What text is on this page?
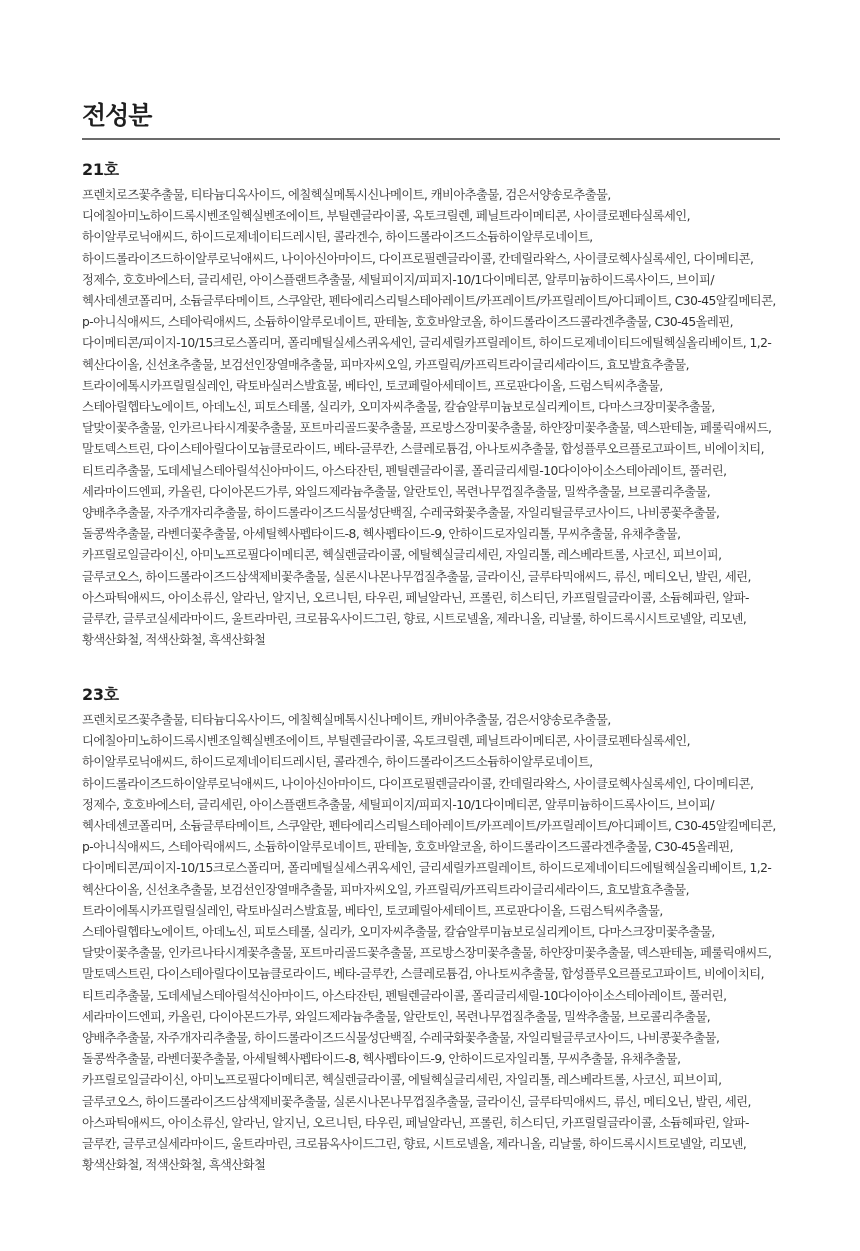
전성분
21호

프렌치로즈꽃추출물, 티타늄디옥사이드, 에칠헥실메톡시신나메이트, 캐비아추출물, 검은서양송로추출물, 디에칠아미노하이드록시벤조일헥실벤조에이트, 부틸렌글라이콜, 옥토크릴렌, 페닐트라이메티콘, 사이클로펜타실록세인, 하이알루로닉애씨드, 하이드로제네이티드레시틴, 콜라겐수, 하이드롤라이즈드소듐하이알루로네이트, 하이드롤라이즈드하이알루로닉애씨드, 나이아신아마이드, 다이프로필렌글라이콜, 칸데릴라왁스, 사이클로헥사실록세인, 다이메티콘, 정제수, 호호바에스터, 글리세린, 아이스플랜트추출물, 세틸피이지/피피지-10/1다이메티콘, 알루미늄하이드록사이드, 브이피/헥사데센코폴리머, 소듐글루타메이트, 스쿠알란, 펜타에리스리틸스테아레이트/카프레이트/카프릴레이트/아디페이트, C30-45알킬메티콘, p-아니식애씨드, 스테아릭애씨드, 소듐하이알루로네이트, 판테놀, 호호바알코올, 하이드롤라이즈드콜라겐추출물, C30-45올레핀, 다이메티콘/피이지-10/15크로스폴리머, 폴리메틸실세스퀴옥세인, 글리세릴카프릴레이트, 하이드로제네이티드에틸헥실올리베이트, 1,2-헥산다이올, 신선초추출물, 보검선인장열매추출물, 피마자씨오일, 카프릴릭/카프릭트라이글리세라이드, 효모발효추출물, 트라이에톡시카프릴릴실레인, 락토바실러스발효물, 베타인, 토코페릴아세테이트, 프로판다이올, 드럼스틱씨추출물, 스테아릴헵타노에이트, 아데노신, 피토스테롤, 실리카, 오미자씨추출물, 칼슘알루미늄보로실리케이트, 다마스크장미꽃추출물, 달맞이꽃추출물, 인카르나타시계꽃추출물, 포트마리골드꽃추출물, 프로방스장미꽃추출물, 하얀장미꽃추출물, 덱스판테놀, 페룰릭애씨드, 말토덱스트린, 다이스테아릴다이모늄클로라이드, 베타-글루칸, 스클레로튬검, 아나토씨추출물, 합성플루오르플로고파이트, 비에이치티, 티트리추출물, 도데세닐스테아릴석신아마이드, 아스타잔틴, 펜틸렌글라이콜, 폴리글리세릴-10다이아이소스테아레이트, 풀러린, 세라마이드엔피, 카올린, 다이아몬드가루, 와일드제라늄추출물, 알란토인, 목련나무껍질추출물, 밀싹추출물, 브로콜리추출물, 양배추추출물, 자주개자리추출물, 하이드롤라이즈드식물성단백질, 수레국화꽃추출물, 자일리틸글루코사이드, 나비콩꽃추출물, 돌콩싹추출물, 라벤더꽃추출물, 아세틸헥사펩타이드-8, 헥사펩타이드-9, 안하이드로자일리톨, 무씨추출물, 유채추출물, 카프릴로일글라이신, 아미노프로필다이메티콘, 헥실렌글라이콜, 에틸헥실글리세린, 자일리톨, 레스베라트롤, 사코신, 피브이피, 글루코오스, 하이드롤라이즈드삼색제비꽃추출물, 실론시나몬나무껍질추출물, 글라이신, 글루타믹애씨드, 류신, 메티오닌, 발린, 세린, 아스파틱애씨드, 아이소류신, 알라닌, 알지닌, 오르니틴, 타우린, 페닐알라닌, 프롤린, 히스티딘, 카프릴릴글라이콜, 소듐헤파린, 알파-글루칸, 글루코실세라마이드, 울트라마린, 크로뮴옥사이드그린, 향료, 시트로넬올, 제라니올, 리날룰, 하이드록시시트로넬알, 리모넨, 황색산화철, 적색산화철, 흑색산화철

23호

프렌치로즈꽃추출물, 티타늄디옥사이드, 에칠헥실메톡시신나메이트, 캐비아추출물, 검은서양송로추출물, 디에칠아미노하이드록시벤조일헥실벤조에이트, 부틸렌글라이콜, 옥토크릴렌, 페닐트라이메티콘, 사이클로펜타실록세인, 하이알루로닉애씨드, 하이드로제네이티드레시틴, 콜라겐수, 하이드롤라이즈드소듐하이알루로네이트, 하이드롤라이즈드하이알루로닉애씨드, 나이아신아마이드, 다이프로필렌글라이콜, 칸데릴라왁스, 사이클로헥사실록세인, 다이메티콘, 정제수, 호호바에스터, 글리세린, 아이스플랜트추출물, 세틸피이지/피피지-10/1다이메티콘, 알루미늄하이드록사이드, 브이피/헥사데센코폴리머, 소듐글루타메이트, 스쿠알란, 펜타에리스리틸스테아레이트/카프레이트/카프릴레이트/아디페이트, C30-45알킬메티콘, p-아니식애씨드, 스테아릭애씨드, 소듐하이알루로네이트, 판테놀, 호호바알코올, 하이드롤라이즈드콜라겐추출물, C30-45올레핀, 다이메티콘/피이지-10/15크로스폴리머, 폴리메틸실세스퀴옥세인, 글리세릴카프릴레이트, 하이드로제네이티드에틸헥실올리베이트, 1,2-헥산다이올, 신선초추출물, 보검선인장열매추출물, 피마자씨오일, 카프릴릭/카프릭트라이글리세라이드, 효모발효추출물, 트라이에톡시카프릴릴실레인, 락토바실러스발효물, 베타인, 토코페릴아세테이트, 프로판다이올, 드럼스틱씨추출물, 스테아릴헵타노에이트, 아데노신, 피토스테롤, 실리카, 오미자씨추출물, 칼슘알루미늄보로실리케이트, 다마스크장미꽃추출물, 달맞이꽃추출물, 인카르나타시계꽃추출물, 포트마리골드꽃추출물, 프로방스장미꽃추출물, 하얀장미꽃추출물, 덱스판테놀, 페룰릭애씨드, 말토덱스트린, 다이스테아릴다이모늄클로라이드, 베타-글루칸, 스클레로튬검, 아나토씨추출물, 합성플루오르플로고파이트, 비에이치티, 티트리추출물, 도데세닐스테아릴석신아마이드, 아스타잔틴, 펜틸렌글라이콜, 폴리글리세릴-10다이아이소스테아레이트, 풀러린, 세라마이드엔피, 카올린, 다이아몬드가루, 와일드제라늄추출물, 알란토인, 목련나무껍질추출물, 밀싹추출물, 브로콜리추출물, 양배추추출물, 자주개자리추출물, 하이드롤라이즈드식물성단백질, 수레국화꽃추출물, 자일리틸글루코사이드, 나비콩꽃추출물, 돌콩싹추출물, 라벤더꽃추출물, 아세틸헥사펩타이드-8, 헥사펩타이드-9, 안하이드로자일리톨, 무씨추출물, 유채추출물, 카프릴로일글라이신, 아미노프로필다이메티콘, 헥실렌글라이콜, 에틸헥실글리세린, 자일리톨, 레스베라트롤, 사코신, 피브이피, 글루코오스, 하이드롤라이즈드삼색제비꽃추출물, 실론시나몬나무껍질추출물, 글라이신, 글루타믹애씨드, 류신, 메티오닌, 발린, 세린, 아스파틱애씨드, 아이소류신, 알라닌, 알지닌, 오르니틴, 타우린, 페닐알라닌, 프롤린, 히스티딘, 카프릴릴글라이콜, 소듐헤파린, 알파-글루칸, 글루코실세라마이드, 울트라마린, 크로뮴옥사이드그린, 향료, 시트로넬올, 제라니올, 리날룰, 하이드록시시트로넬알, 리모넨, 황색산화철, 적색산화철, 흑색산화철
